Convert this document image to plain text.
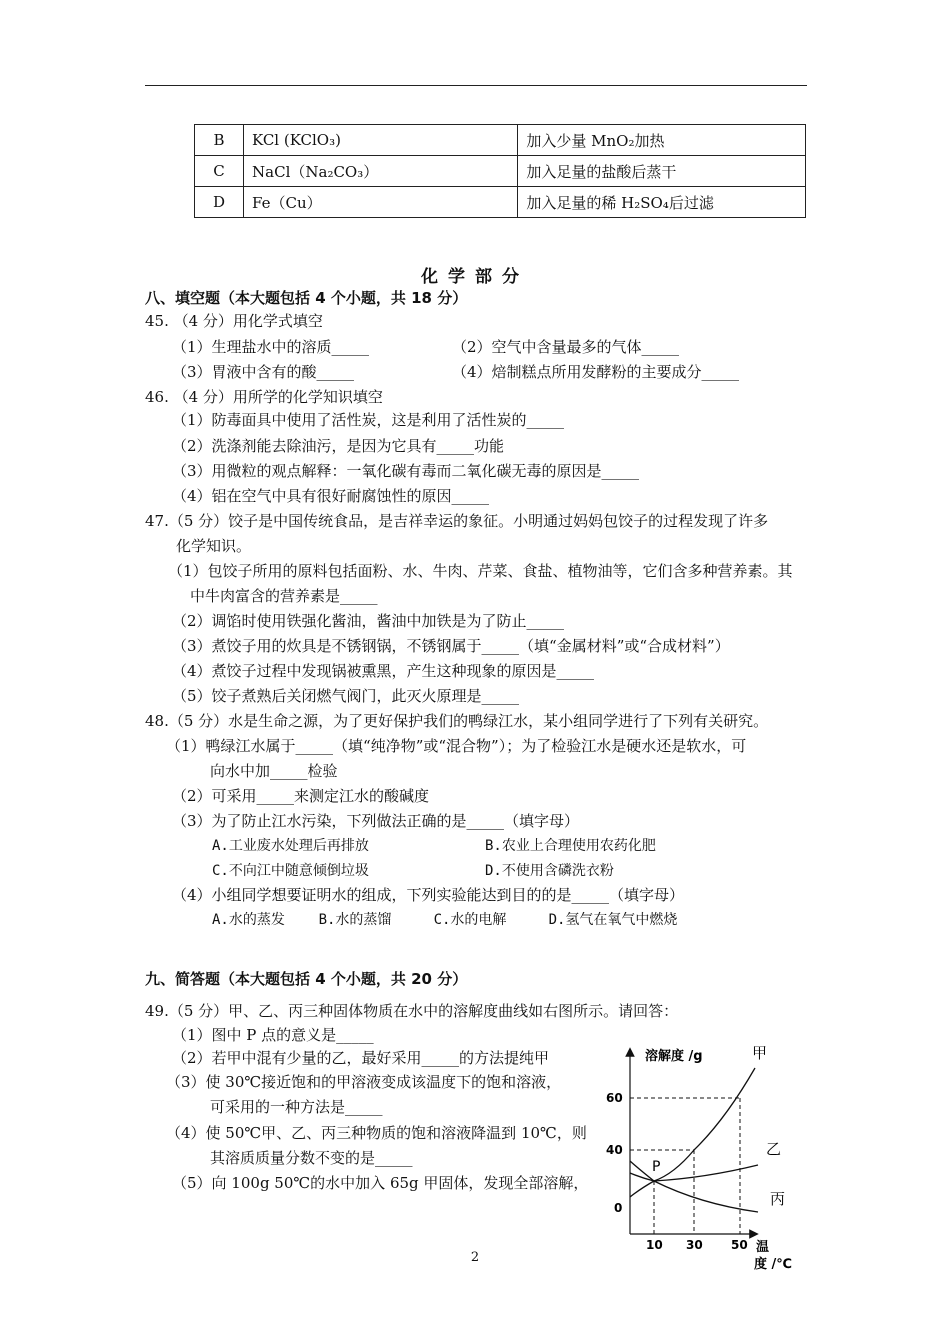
B	KCl (KClO₃)	加入少量 MnO₂加热
C	NaCl（Na₂CO₃）	加入足量的盐酸后蒸干
D	Fe（Cu）	加入足量的稀 H₂SO₄后过滤
化学部分
八、填空题（本大题包括 4 个小题，共 18 分）
45. （4 分）用化学式填空
（1）生理盐水中的溶质_____	（2）空气中含量最多的气体_____
（3）胃液中含有的酸_____	（4）焙制糕点所用发酵粉的主要成分_____
46. （4 分）用所学的化学知识填空
（1）防毒面具中使用了活性炭，这是利用了活性炭的_____
（2）洗涤剂能去除油污，是因为它具有_____功能
（3）用微粒的观点解释：一氧化碳有毒而二氧化碳无毒的原因是_____
（4）铝在空气中具有很好耐腐蚀性的原因_____
47.（5 分）饺子是中国传统食品，是吉祥幸运的象征。小明通过妈妈包饺子的过程发现了许多
化学知识。
（1）包饺子所用的原料包括面粉、水、牛肉、芹菜、食盐、植物油等，它们含多种营养素。其
中牛肉富含的营养素是_____
（2）调馅时使用铁强化酱油，酱油中加铁是为了防止_____
（3）煮饺子用的炊具是不锈钢锅，不锈钢属于_____（填“金属材料”或“合成材料”）
（4）煮饺子过程中发现锅被熏黑，产生这种现象的原因是_____
（5）饺子煮熟后关闭燃气阀门，此灭火原理是_____
48.（5 分）水是生命之源，为了更好保护我们的鸭绿江水，某小组同学进行了下列有关研究。
（1）鸭绿江水属于_____（填“纯净物”或“混合物”）；为了检验江水是硬水还是软水，可
向水中加_____检验
（2）可采用_____来测定江水的酸碱度
（3）为了防止江水污染，下列做法正确的是_____（填字母）
A.工业废水处理后再排放	B.农业上合理使用农药化肥
C.不向江中随意倾倒垃圾	D.不使用含磷洗衣粉
（4）小组同学想要证明水的组成，下列实验能达到目的的是_____（填字母）
A.水的蒸发    B.水的蒸馏     C.水的电解     D.氢气在氧气中燃烧
九、简答题（本大题包括 4 个小题，共 20 分）
49.（5 分）甲、乙、丙三种固体物质在水中的溶解度曲线如右图所示。请回答：
（1）图中 P 点的意义是_____
（2）若甲中混有少量的乙，最好采用_____的方法提纯甲
（3）使 30℃接近饱和的甲溶液变成该温度下的饱和溶液，
可采用的一种方法是_____
（4）使 50℃甲、乙、丙三种物质的饱和溶液降温到 10℃，则
其溶质质量分数不变的是_____
（5）向 100g 50℃的水中加入 65g 甲固体，发现全部溶解，
溶解度 /g
60
40
0
10 30 50 温
度 /℃
甲
乙
丙
P
2
